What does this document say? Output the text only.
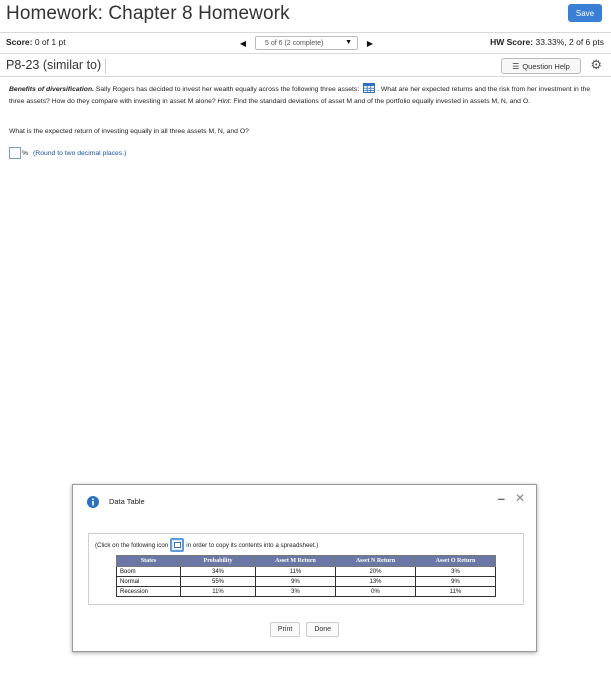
Homework: Chapter 8 Homework	Save
Score: 0 of 1 pt	◀	5 of 6 (2 complete)	▼ ▶	HW Score: 33.33%, 2 of 6 pts
P8-23 (similar to)	☰ Question Help ⚙
Benefits of diversification. Sally Rogers has decided to invest her wealth equally across the following three assets: . What are her expected returns and the risk from her investment in the three assets? How do they compare with investing in asset M alone? Hint: Find the standard deviations of asset M and of the portfolio equally invested in assets M, N, and O.
What is the expected return of investing equally in all three assets M, N, and O?
% (Round to two decimal places.)
Data Table	– ✕
(Click on the following icon	in order to copy its contents into a spreadsheet.)
States	Probability	Asset M Return	Asset N Return	Asset O Return
Boom	34%	11%	20%	3%
Normal	55%	9%	13%	9%
Recession	11%	3%	0%	11%
Print	Done
